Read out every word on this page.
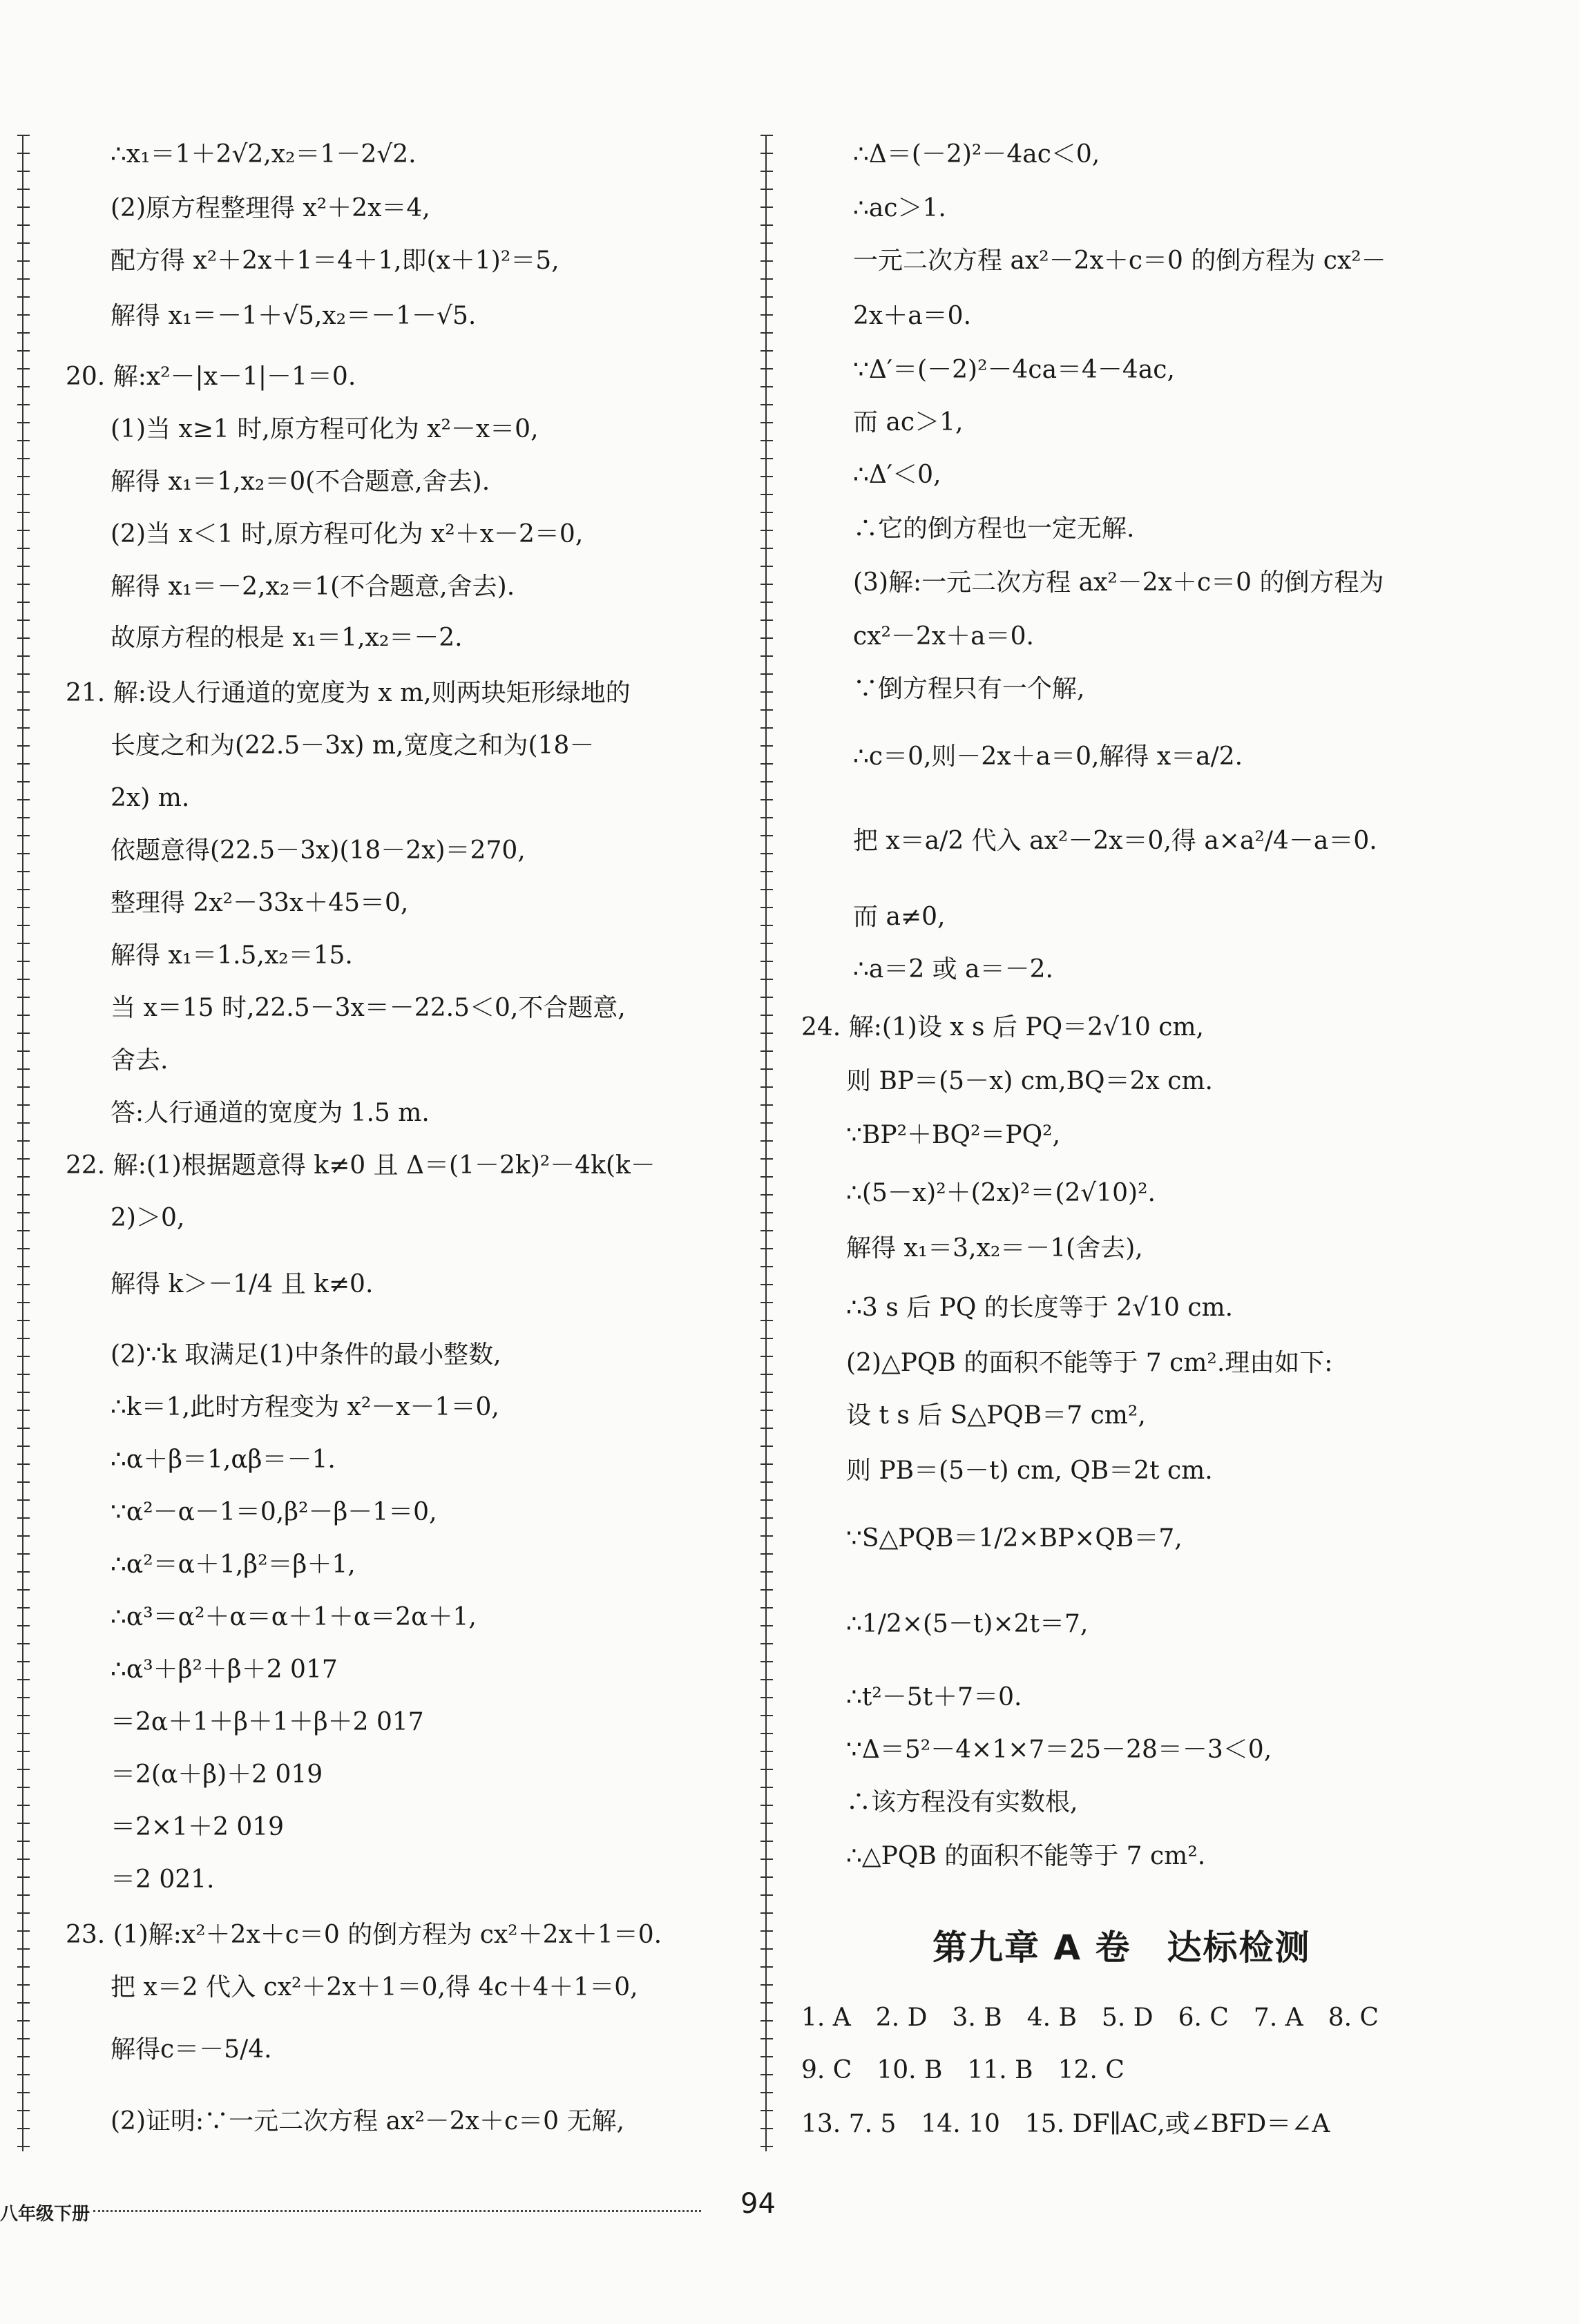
∴x₁＝1＋2√2,x₂＝1－2√2.
(2)原方程整理得 x²＋2x＝4,
配方得 x²＋2x＋1＝4＋1,即(x＋1)²＝5,
解得 x₁＝－1＋√5,x₂＝－1－√5.
20. 解:x²－|x－1|－1＝0.
(1)当 x≥1 时,原方程可化为 x²－x＝0,
解得 x₁＝1,x₂＝0(不合题意,舍去).
(2)当 x＜1 时,原方程可化为 x²＋x－2＝0,
解得 x₁＝－2,x₂＝1(不合题意,舍去).
故原方程的根是 x₁＝1,x₂＝－2.
21. 解:设人行通道的宽度为 x m,则两块矩形绿地的
长度之和为(22.5－3x) m,宽度之和为(18－
2x) m.
依题意得(22.5－3x)(18－2x)＝270,
整理得 2x²－33x＋45＝0,
解得 x₁＝1.5,x₂＝15.
当 x＝15 时,22.5－3x＝－22.5＜0,不合题意,
舍去.
答:人行通道的宽度为 1.5 m.
22. 解:(1)根据题意得 k≠0 且 Δ＝(1－2k)²－4k(k－
2)＞0,
解得 k＞－1/4 且 k≠0.
(2)∵k 取满足(1)中条件的最小整数,
∴k＝1,此时方程变为 x²－x－1＝0,
∴α＋β＝1,αβ＝－1.
∵α²－α－1＝0,β²－β－1＝0,
∴α²＝α＋1,β²＝β＋1,
∴α³＝α²＋α＝α＋1＋α＝2α＋1,
∴α³＋β²＋β＋2 017
＝2α＋1＋β＋1＋β＋2 017
＝2(α＋β)＋2 019
＝2×1＋2 019
＝2 021.
23. (1)解:x²＋2x＋c＝0 的倒方程为 cx²＋2x＋1＝0.
把 x＝2 代入 cx²＋2x＋1＝0,得 4c＋4＋1＝0,
解得c＝－5/4.
(2)证明:∵一元二次方程 ax²－2x＋c＝0 无解,
∴Δ＝(－2)²－4ac＜0,
∴ac＞1.
一元二次方程 ax²－2x＋c＝0 的倒方程为 cx²－
2x＋a＝0.
∵Δ′＝(－2)²－4ca＝4－4ac,
而 ac＞1,
∴Δ′＜0,
∴它的倒方程也一定无解.
(3)解:一元二次方程 ax²－2x＋c＝0 的倒方程为
cx²－2x＋a＝0.
∵倒方程只有一个解,
∴c＝0,则－2x＋a＝0,解得 x＝a/2.
把 x＝a/2 代入 ax²－2x＝0,得 a×a²/4－a＝0.
而 a≠0,
∴a＝2 或 a＝－2.
24. 解:(1)设 x s 后 PQ＝2√10 cm,
则 BP＝(5－x) cm,BQ＝2x cm.
∵BP²＋BQ²＝PQ²,
∴(5－x)²＋(2x)²＝(2√10)².
解得 x₁＝3,x₂＝－1(舍去),
∴3 s 后 PQ 的长度等于 2√10 cm.
(2)△PQB 的面积不能等于 7 cm².理由如下:
设 t s 后 S△PQB＝7 cm²,
则 PB＝(5－t) cm, QB＝2t cm.
∵S△PQB＝1/2×BP×QB＝7,
∴1/2×(5－t)×2t＝7,
∴t²－5t＋7＝0.
∵Δ＝5²－4×1×7＝25－28＝－3＜0,
∴该方程没有实数根,
∴△PQB 的面积不能等于 7 cm².
1. A　2. D　3. B　4. B　5. D　6. C　7. A　8. C
9. C　10. B　11. B　12. C
13. 7. 5　14. 10　15. DF∥AC,或∠BFD＝∠A
第九章 A 卷　达标检测
八年级下册	94
